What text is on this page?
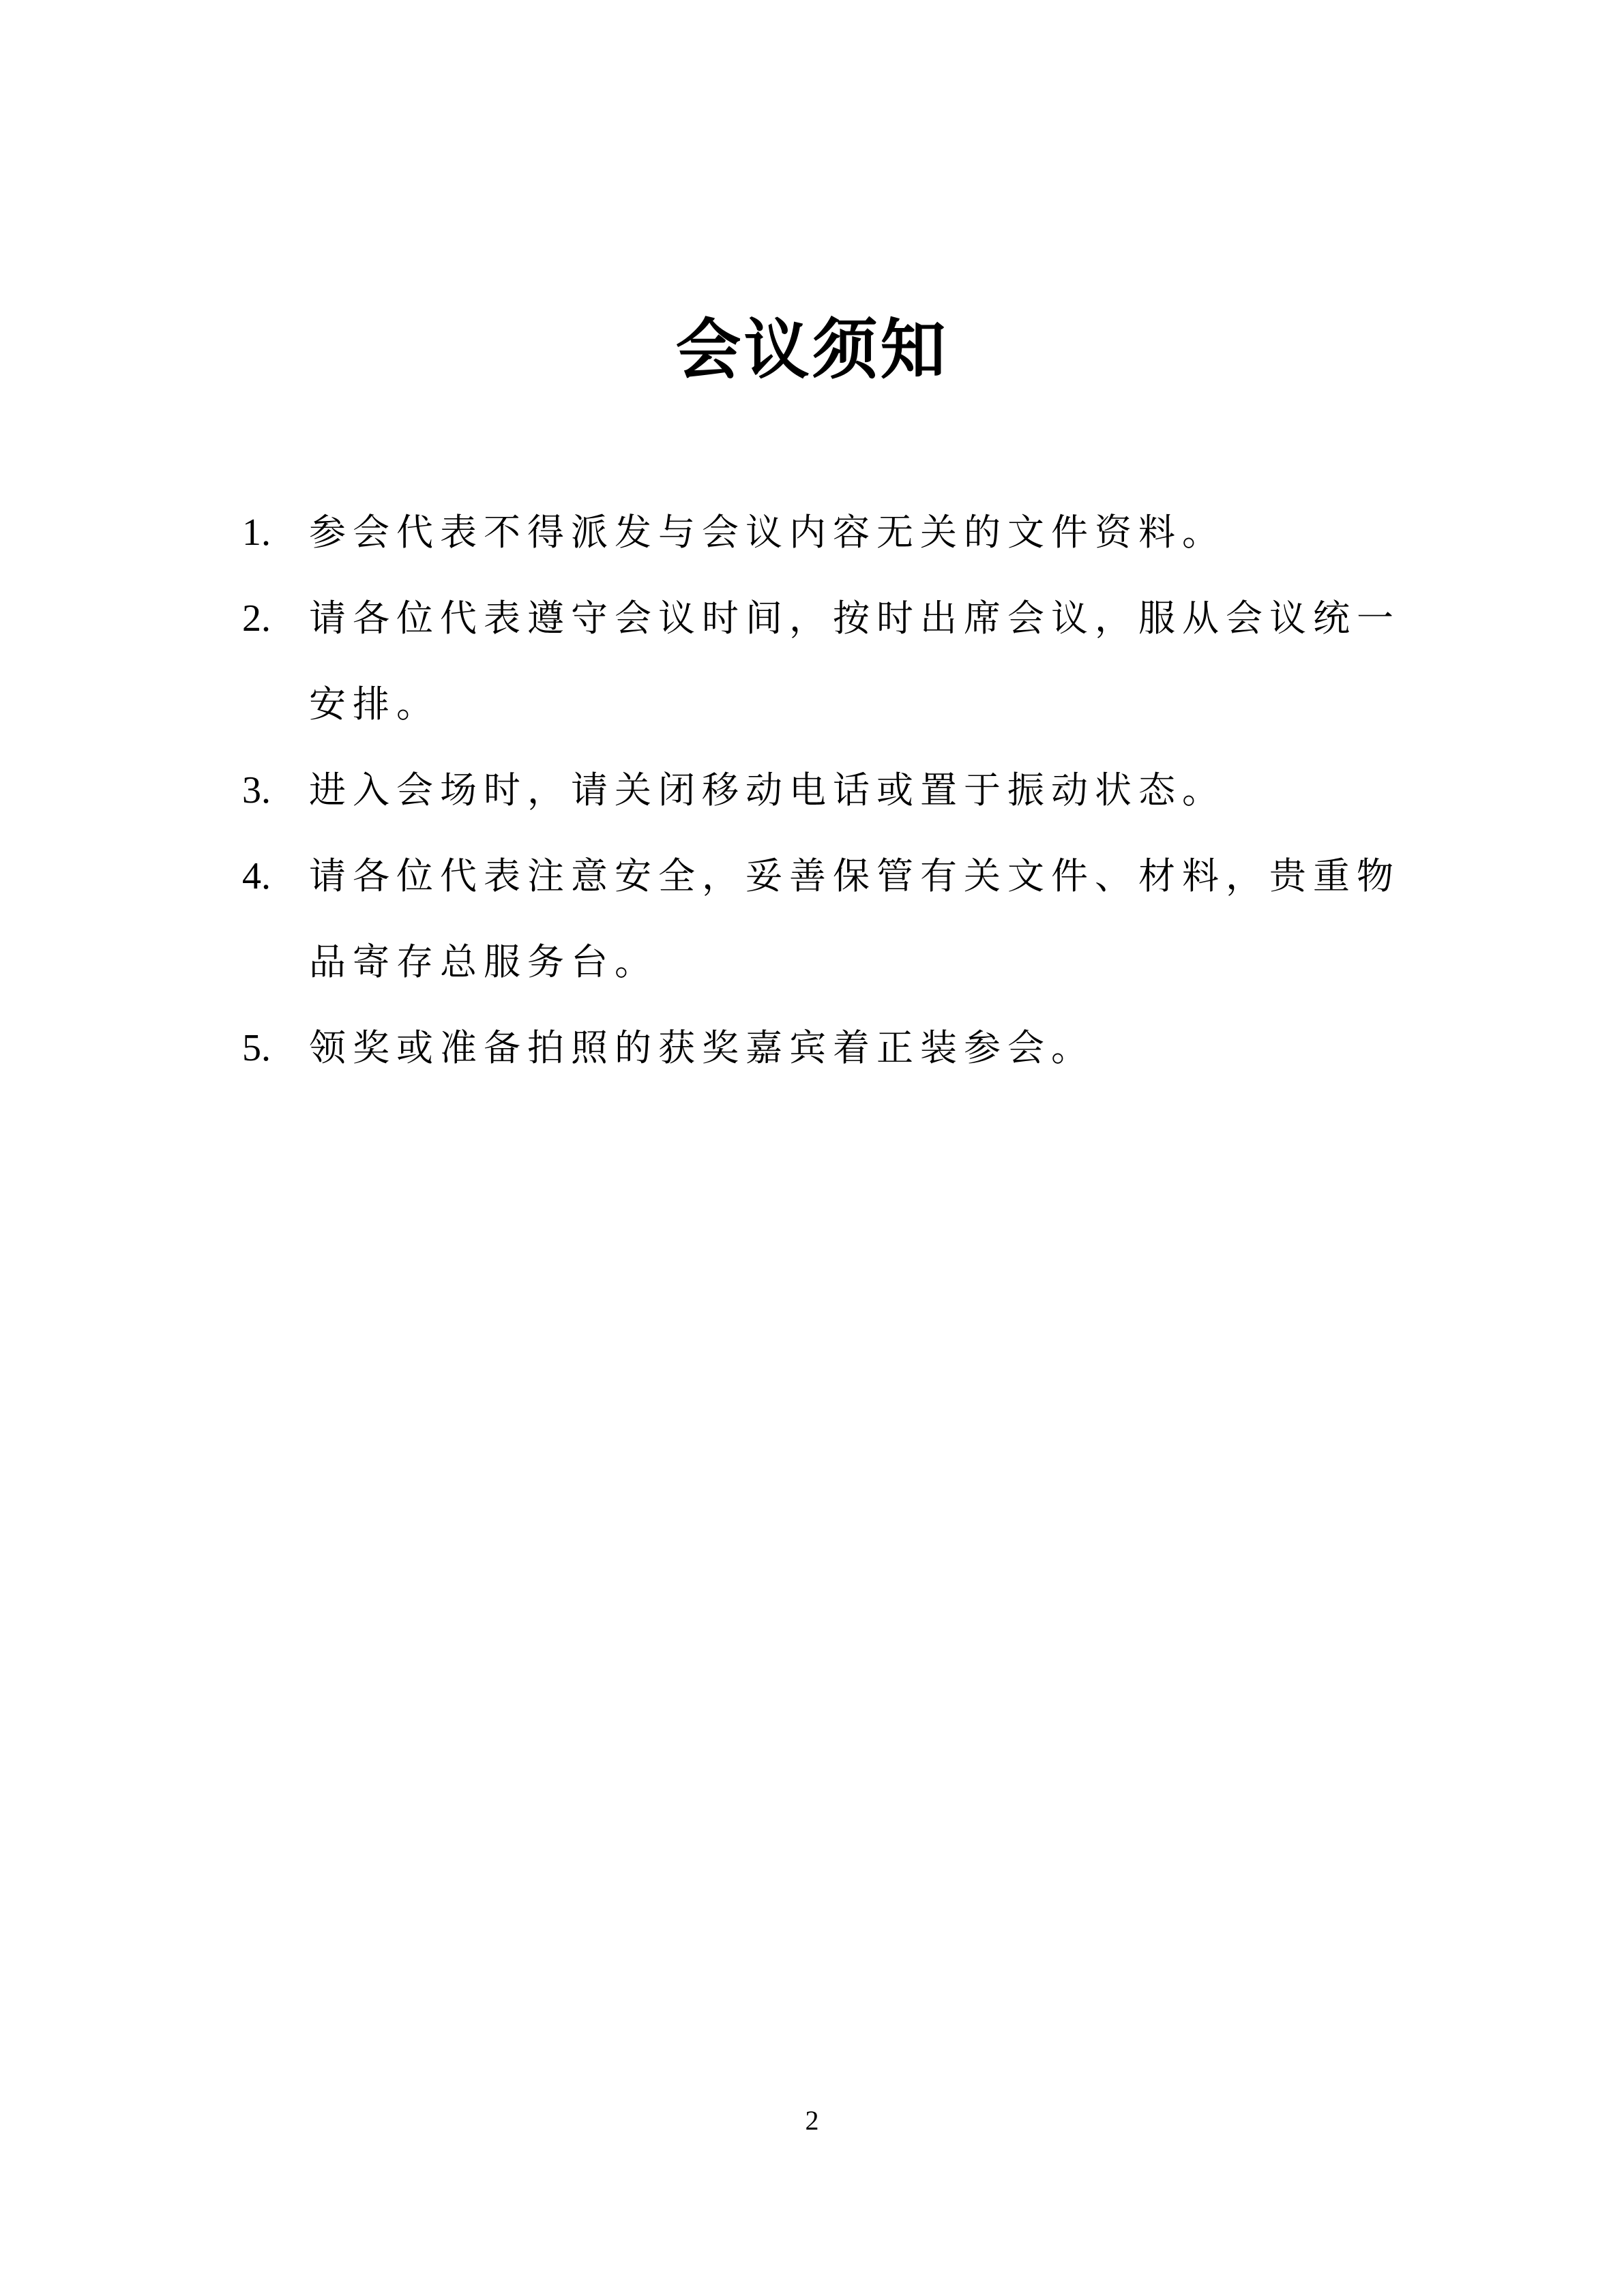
会议须知
1. 参会代表不得派发与会议内容无关的文件资料。
2. 请各位代表遵守会议时间，按时出席会议，服从会议统一安排。
3. 进入会场时，请关闭移动电话或置于振动状态。
4. 请各位代表注意安全，妥善保管有关文件、材料，贵重物品寄存总服务台。
5. 领奖或准备拍照的获奖嘉宾着正装参会。
2
